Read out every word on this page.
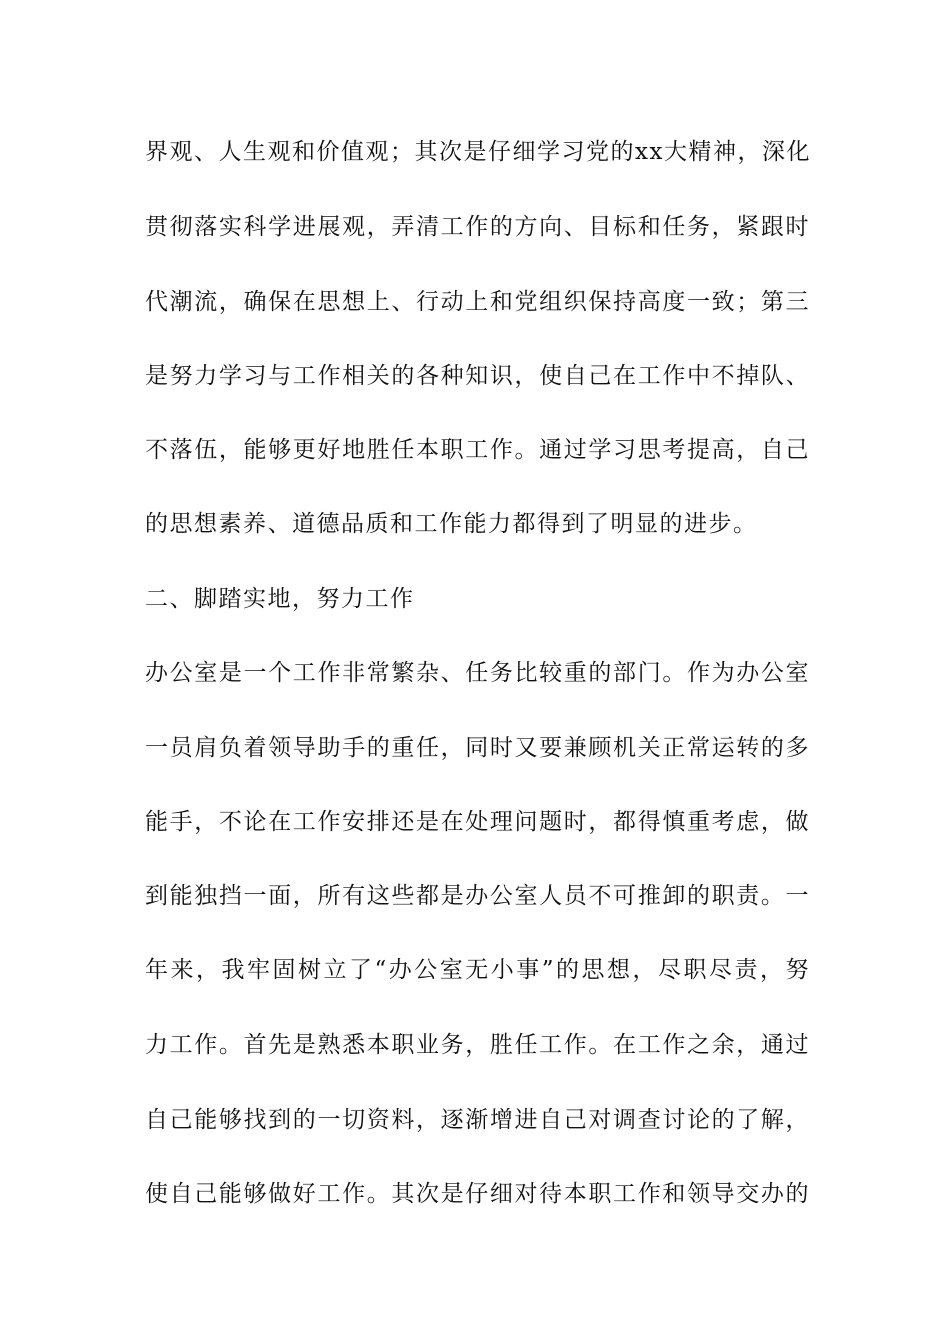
界观、人生观和价值观；其次是仔细学习党的xx大精神，深化
贯彻落实科学进展观，弄清工作的方向、目标和任务，紧跟时
代潮流，确保在思想上、行动上和党组织保持高度一致；第三
是努力学习与工作相关的各种知识，使自己在工作中不掉队、
不落伍，能够更好地胜任本职工作。通过学习思考提高，自己
的思想素养、道德品质和工作能力都得到了明显的进步。
二、脚踏实地，努力工作
办公室是一个工作非常繁杂、任务比较重的部门。作为办公室
一员肩负着领导助手的重任，同时又要兼顾机关正常运转的多
能手，不论在工作安排还是在处理问题时，都得慎重考虑，做
到能独挡一面，所有这些都是办公室人员不可推卸的职责。一
年来，我牢固树立了“办公室无小事”的思想，尽职尽责，努
力工作。首先是熟悉本职业务，胜任工作。在工作之余，通过
自己能够找到的一切资料，逐渐增进自己对调查讨论的了解，
使自己能够做好工作。其次是仔细对待本职工作和领导交办的
